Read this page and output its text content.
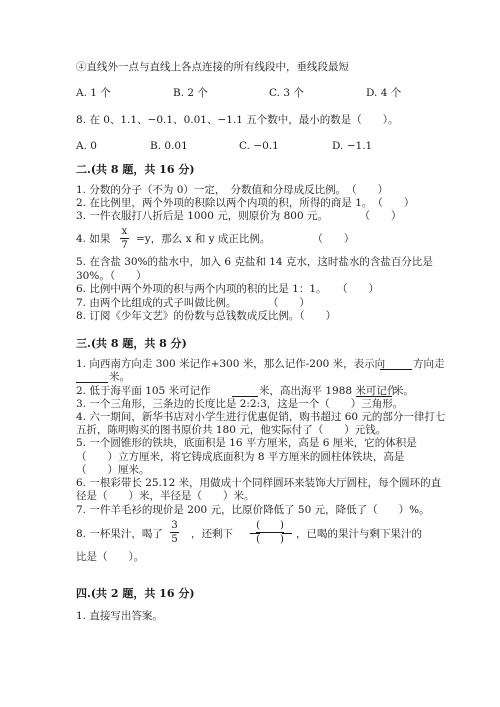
④直线外一点与直线上各点连接的所有线段中，垂线段最短
A. 1 个	B. 2 个	C. 3 个	D. 4 个
8. 在 0、1.1、−0.1、0.01、−1.1 五个数中，最小的数是（　　）。
A. 0	B. 0.01	C. −0.1	D. −1.1
二.(共 8 题，共 16 分)
1. 分数的分子（不为 0）一定，　分数值和分母成反比例。　（　　）
2. 在比例里，两个外项的积除以两个内项的积，所得的商是 1。　（　　）
3. 一件衣服打八折后是 1000 元，则原价为 800 元。　　　　（　　）
4. 如果
x
7
=y，那么 x 和 y 成正比例。　　　　　（　　）
5. 在含盐 30%的盐水中，加入 6 克盐和 14 克水，这时盐水的含盐百分比是
30%。（　　）
6. 比例中两个外项的积与两个内项的积的比是 1：1。　　（　　）
7. 由两个比组成的式子叫做比例。　　　　（　　）
8. 订阅《少年文艺》的份数与总钱数成反比例。（　　）
三.(共 8 题，共 8 分)
1. 向西南方向走 300 米记作+300 米，那么记作-200 米，表示向	方向走
米。
2. 低于海平面 105 米可记作	米，高出海平 1988 米可记作
米。
3. 一个三角形，三条边的长度比是 2:2:3，这是一个（　　）三角形。
4. 六一期间，新华书店对小学生进行优惠促销，购书超过 60 元的部分一律打七
五折，陈明购买的图书原价共 180 元，他实际付了（　　）元钱。
5. 一个圆锥形的铁块，底面积是 16 平方厘米，高是 6 厘米，它的体积是
（　　）立方厘米，将它铸成底面积为 8 平方厘米的圆柱体铁块，高是
（　　）厘米。
6. 一根彩带长 25.12 米，用做成十个同样圆环来装饰大厅圆柱，每个圆环的直
径是（　　）米，半径是（　　）米。
7. 一件羊毛衫的现价是 200 元，比原价降低了 50 元，降低了（　　）%。
8. 一杯果汁，喝了
3
5 ，还剩下
(　　)
(　　) ，已喝的果汁与剩下果汁的
比是（　　）。
四.(共 2 题，共 16 分)
1. 直接写出答案。
